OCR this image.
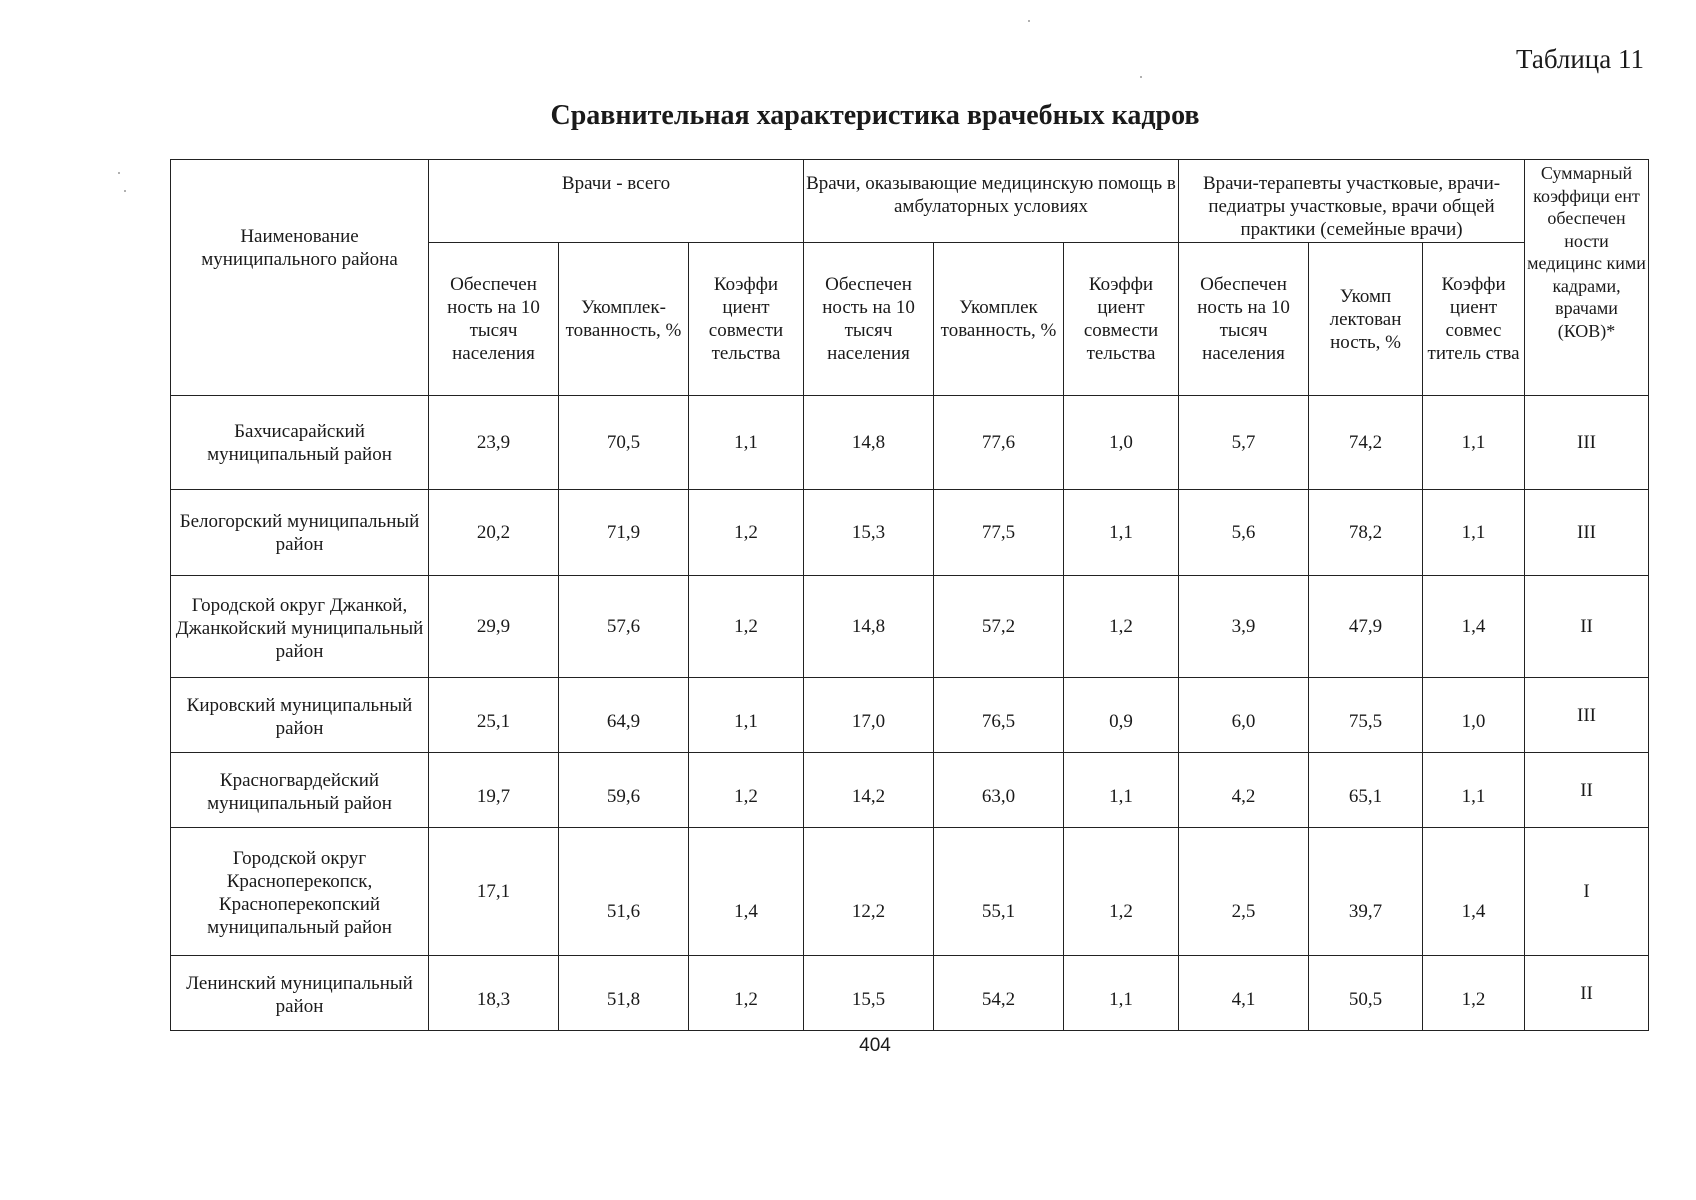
Таблица 11
Сравнительная характеристика врачебных кадров
Наименование муниципального района	Врачи - всего			Врачи, оказывающие медицинскую помощь в амбулаторных условиях			Врачи-терапевты участковые, врачи-педиатры участковые, врачи общей практики (семейные врачи)			Суммарный коэффици ент обеспечен ности медицинс кими кадрами, врачами (КОВ)*
	Обеспечен ность на 10 тысяч населения	Укомплек- тованность, %	Коэффи циент совмести тельства	Обеспечен ность на 10 тысяч населения	Укомплек тованность, %	Коэффи циент совмести тельства	Обеспечен ность на 10 тысяч населения	Укомп лектован ность, %	Коэффи циент совмес титель ства	
Бахчисарайский муниципальный район	23,9	70,5	1,1	14,8	77,6	1,0	5,7	74,2	1,1	III
Белогорский муниципальный район	20,2	71,9	1,2	15,3	77,5	1,1	5,6	78,2	1,1	III
Городской округ Джанкой, Джанкойский муниципальный район	29,9	57,6	1,2	14,8	57,2	1,2	3,9	47,9	1,4	II
Кировский муниципальный район	25,1	64,9	1,1	17,0	76,5	0,9	6,0	75,5	1,0	III
Красногвардейский муниципальный район	19,7	59,6	1,2	14,2	63,0	1,1	4,2	65,1	1,1	II
Городской округ Красноперекопск, Красноперекопский муниципальный район	17,1	51,6	1,4	12,2	55,1	1,2	2,5	39,7	1,4	I
Ленинский муниципальный район	18,3	51,8	1,2	15,5	54,2	1,1	4,1	50,5	1,2	II
404
